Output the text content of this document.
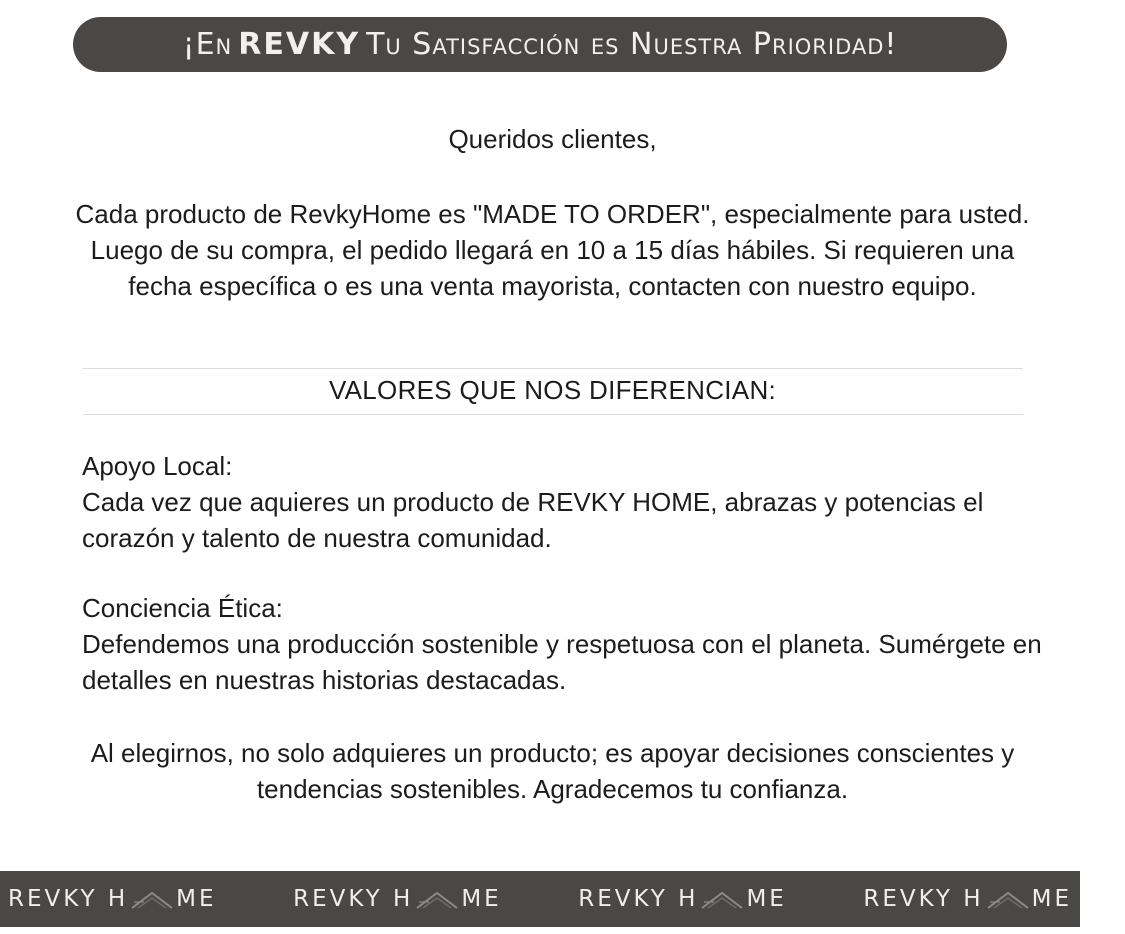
¡En REVKY Tu Satisfacción es Nuestra Prioridad!
Queridos clientes,

Cada producto de RevkyHome es "MADE TO ORDER", especialmente para usted. Luego de su compra, el pedido llegará en 10 a 15 días hábiles. Si requieren una fecha específica o es una venta mayorista, contacten con nuestro equipo.

VALORES QUE NOS DIFERENCIAN:

Apoyo Local:

Cada vez que aquieres un producto de REVKY HOME, abrazas y potencias el corazón y talento de nuestra comunidad.

Conciencia Ética:

Defendemos una producción sostenible y respetuosa con el planeta. Sumérgete en detalles en nuestras historias destacadas.

Al elegirnos, no solo adquieres un producto; es apoyar decisiones conscientes y tendencias sostenibles. Agradecemos tu confianza.

REVKY H ME	REVKY H ME	REVKY H ME	REVKY H ME
